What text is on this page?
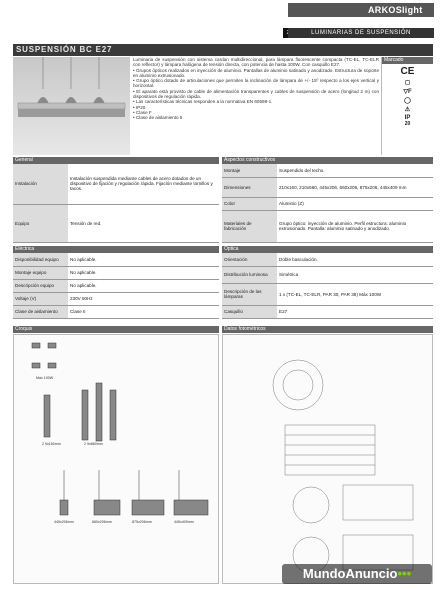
ARKOSlight
LUMINARIAS DE SUSPENSIÓN
SUSPENSIÓN BC E27

Luminaria de suspensión con sistema cardan multidireccional, para lámpara fluorescente compacta (TC-EL, TC-ELR con reflector) y lámpara halógena de tensión directa, con potencia de hasta 100W. Con casquillo E27.

• Grupos ópticos realizados en inyección de aluminio. Pantallas de aluminio satinado y anodizado. Estructura de soporte en aluminio extrusionado.

• Grupo óptico dotado de articulaciones que permiten la inclinación de lámpara de +/- 15º respecto a los ejes vertical y horizontal.

• El aparato está provisto de cable de alimentación transparentes y cables de suspensión de acero (longitud 2 m) con dispositivos de regulación rápida.

• Las características técnicas responden a la normativa EN 60598-1.

• IP20

• Clase F

• Clase de aislamiento II

Marcado
CE
◻
▽F
◯
⚠
IP
20
General
Instalación	Instalación suspendida mediante cables de acero dotados de un dispositivo de fijación y regulación rápida. Fijación mediante tornillos y tacos.
Equipo	Tensión de red.
Aspectos constructivos
Montaje	Suspendido del techo.
Dimensiones	210x160, 210x660, 445x206, 660x206, 875x206, 445x409 mm
Color	Aluminio (Z)
Materiales de fabricación	Grupo óptico: inyección de aluminio. Perfil estructura: aluminio extrusionado. Pantalla: aluminio satinado y anodizado.
Eléctrica
Disponibilidad equipo	No aplicable.
Montaje equipo	No aplicable.
Descripción equipo	No aplicable.
Voltaje (V)	230V 50Hz
Clase de aislamiento	Clase II
Óptica
Orientación	Doble basculación.
Distribución luminosa	Simétrica
Descripción de las lámparas	1 x (TC-EL, TC-ELR, PAR 30, PAR 38) Máx 100W
Casquillo	E27
Croquis
Máx 100W
2 9x160mm	2 9x660mm
445x206mm	660x206mm	875x206mm	445x409mm
Datos fotométricos
MundoAnuncio•••
